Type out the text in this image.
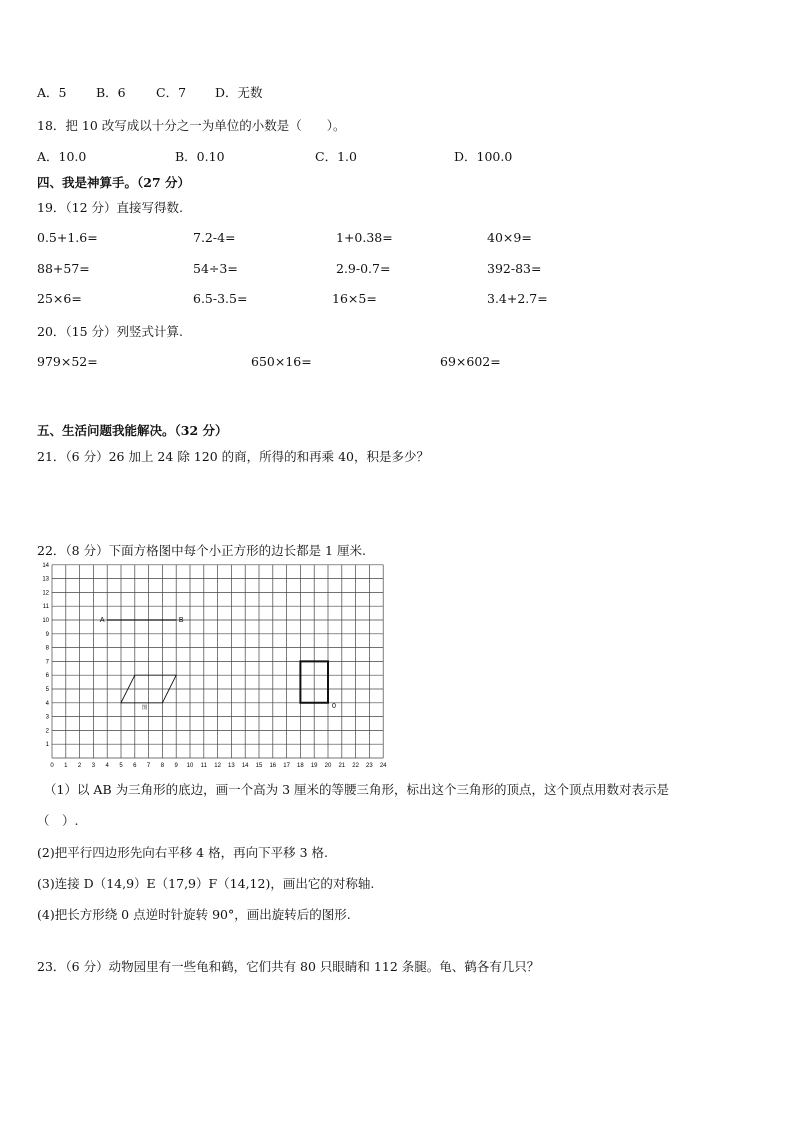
A．5 B．6 C．7 D．无数
18．把 10 改写成以十分之一为单位的小数是（　　）。
A．10.0	B．0.10	C．1.0	D．100.0
四、我是神算手。（27 分）
19．（12 分）直接写得数.
0.5+1.6=	7.2-4=	1+0.38=	40×9=
88+57=	54÷3=	2.9-0.7=	392-83=
25×6=	6.5-3.5=	16×5=	3.4+2.7=
20．（15 分）列竖式计算.
979×52=	650×16=	69×602=
五、生活问题我能解决。（32 分）
21．（6 分）26 加上 24 除 120 的商，所得的和再乘 40，积是多少？
22．（8 分）下面方格图中每个小正方形的边长都是 1 厘米.
0 1 2 3 4 5 6 7 8 9 10 11 12 13 14 15 16 17 18 19 20 21 22 23 24
1
2
3
4
5
6
7
8
9
10
11
12
13
14
A	B
图	0
（1）以 AB 为三角形的底边，画一个高为 3 厘米的等腰三角形，标出这个三角形的顶点，这个顶点用数对表示是
（　）.
(2)把平行四边形先向右平移 4 格，再向下平移 3 格.
(3)连接 D（14,9）E（17,9）F（14,12)，画出它的对称轴.
(4)把长方形绕 0 点逆时针旋转 90°，画出旋转后的图形.
23．（6 分）动物园里有一些龟和鹤，它们共有 80 只眼睛和 112 条腿。龟、鹤各有几只？
